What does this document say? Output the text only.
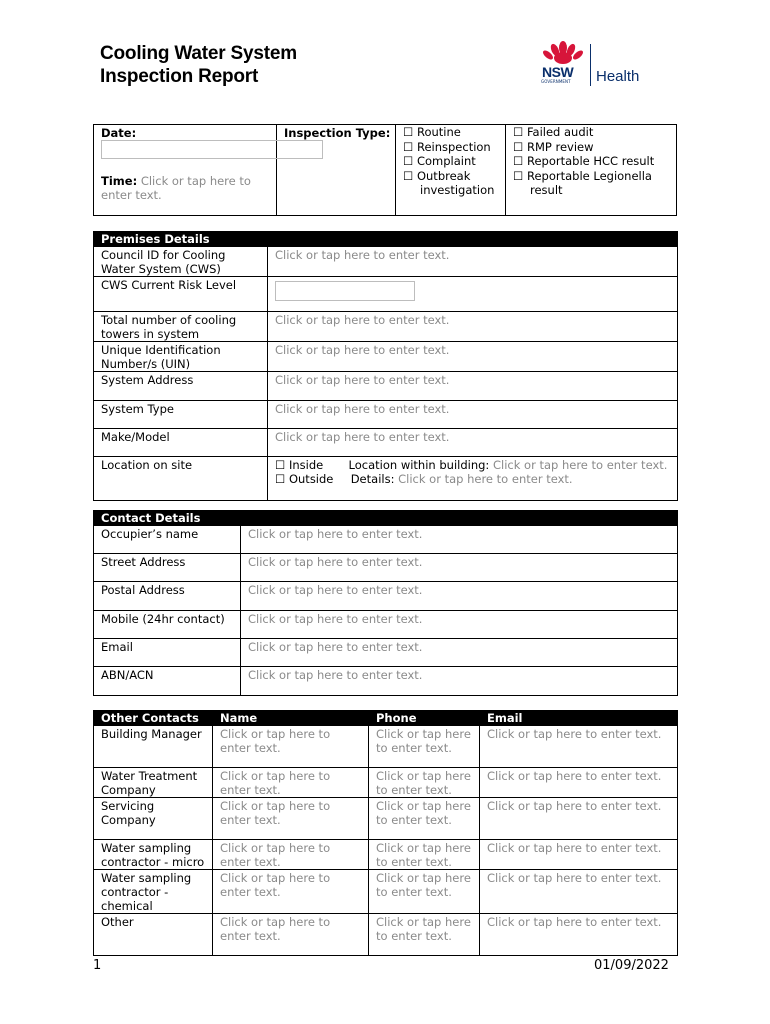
Cooling Water System
Inspection Report	NSW
GOVERNMENT Health
Date:
Time: Click or tap here to enter text.
Inspection Type: ☐ Routine
☐ Reinspection
☐ Complaint
☐ Outbreak
investigation
☐ Failed audit
☐ RMP review
☐ Reportable HCC result
☐ Reportable Legionella
result
Premises Details	
Council ID for Cooling Water System (CWS)	Click or tap here to enter text.
CWS Current Risk Level	

Total number of cooling towers in system	Click or tap here to enter text.
Unique Identification Number/s (UIN)	Click or tap here to enter text.
System Address	Click or tap here to enter text.
System Type	Click or tap here to enter text.
Make/Model	Click or tap here to enter text.
Location on site	☐ Inside Location within building: Click or tap here to enter text.
☐ Outside Details: Click or tap here to enter text.
Contact Details	
Occupier’s name	Click or tap here to enter text.
Street Address	Click or tap here to enter text.
Postal Address	Click or tap here to enter text.
Mobile (24hr contact)	Click or tap here to enter text.
Email	Click or tap here to enter text.
ABN/ACN	Click or tap here to enter text.
Other Contacts	Name	Phone	Email
Building Manager	Click or tap here to enter text.	Click or tap here to enter text.	Click or tap here to enter text.
Water Treatment Company	Click or tap here to enter text.	Click or tap here to enter text.	Click or tap here to enter text.
Servicing Company	Click or tap here to enter text.	Click or tap here to enter text.	Click or tap here to enter text.
Water sampling contractor - micro	Click or tap here to enter text.	Click or tap here to enter text.	Click or tap here to enter text.
Water sampling contractor - chemical	Click or tap here to enter text.	Click or tap here to enter text.	Click or tap here to enter text.
Other	Click or tap here to enter text.	Click or tap here to enter text.	Click or tap here to enter text.
1	01/09/2022
